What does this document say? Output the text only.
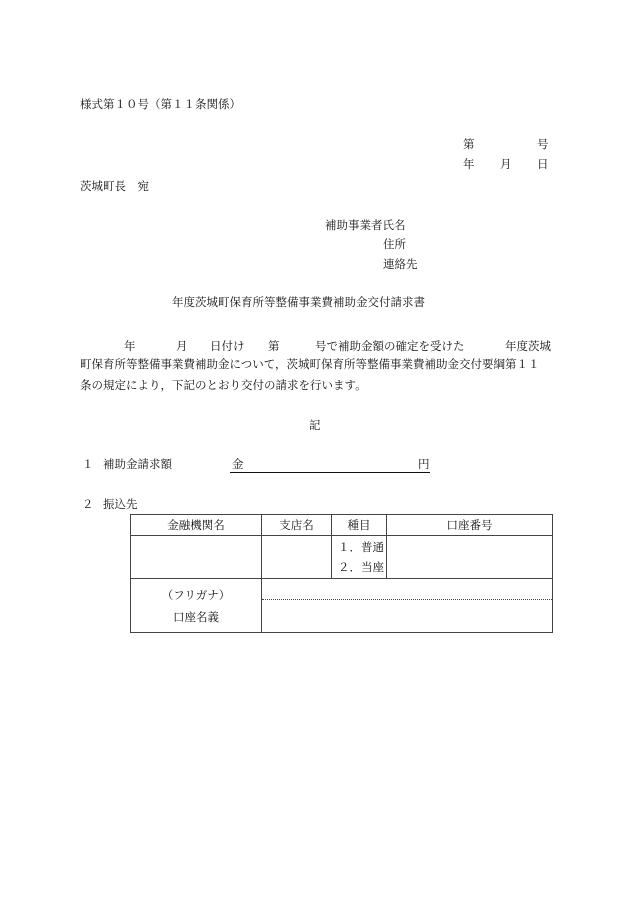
様式第１０号（第１１条関係）
第	号
年 月 日
茨城町長　宛
補助事業者氏名
住所
連絡先
年度茨城町保育所等整備事業費補助金交付請求書
年	月 日付け 第	号で補助金額の確定を受けた	年度茨城
町保育所等整備事業費補助金について，茨城町保育所等整備事業費補助金交付要綱第１１
条の規定により，下記のとおり交付の請求を行います。
記
１ 補助金請求額	金	円
２ 振込先
金融機関名	支店名	種目	口座番号

		１．普通
２．当座	

（フリガナ）
口座名義			
